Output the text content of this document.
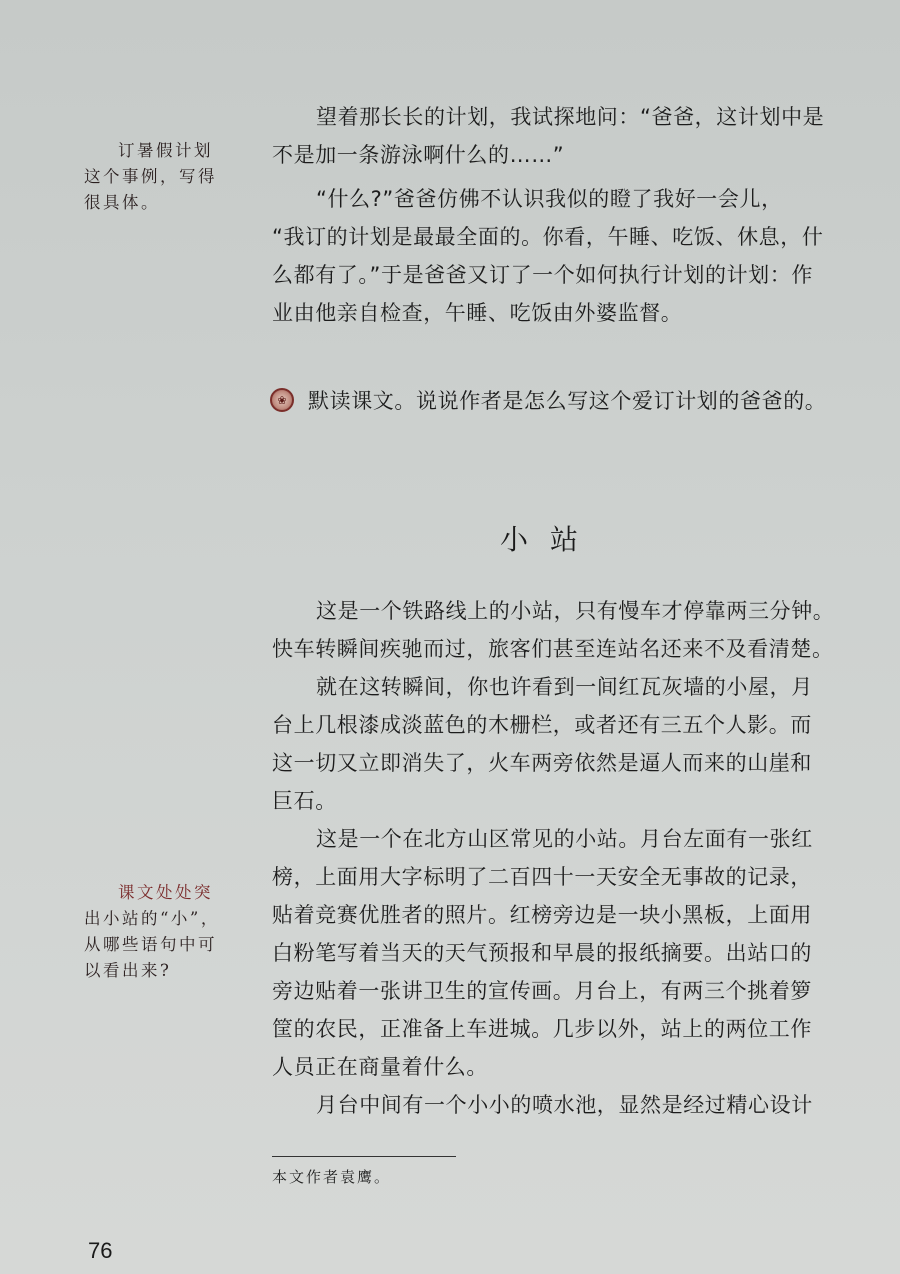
订暑假计划
这个事例，写得
很具体。
望着那长长的计划，我试探地问：“爸爸，这计划中是
不是加一条游泳啊什么的……”
“什么?”爸爸仿佛不认识我似的瞪了我好一会儿，
“我订的计划是最最全面的。你看，午睡、吃饭、休息，什
么都有了。”于是爸爸又订了一个如何执行计划的计划：作
业由他亲自检查，午睡、吃饭由外婆监督。
❀	默读课文。说说作者是怎么写这个爱订计划的爸爸的。
小站
这是一个铁路线上的小站，只有慢车才停靠两三分钟。
快车转瞬间疾驰而过，旅客们甚至连站名还来不及看清楚。
就在这转瞬间，你也许看到一间红瓦灰墙的小屋，月
台上几根漆成淡蓝色的木栅栏，或者还有三五个人影。而
这一切又立即消失了，火车两旁依然是逼人而来的山崖和
巨石。
课文处处突
出小站的“小”，
从哪些语句中可
以看出来?
这是一个在北方山区常见的小站。月台左面有一张红
榜，上面用大字标明了二百四十一天安全无事故的记录，
贴着竞赛优胜者的照片。红榜旁边是一块小黑板，上面用
白粉笔写着当天的天气预报和早晨的报纸摘要。出站口的
旁边贴着一张讲卫生的宣传画。月台上，有两三个挑着箩
筐的农民，正准备上车进城。几步以外，站上的两位工作
人员正在商量着什么。
月台中间有一个小小的喷水池，显然是经过精心设计
本文作者袁鹰。
76
